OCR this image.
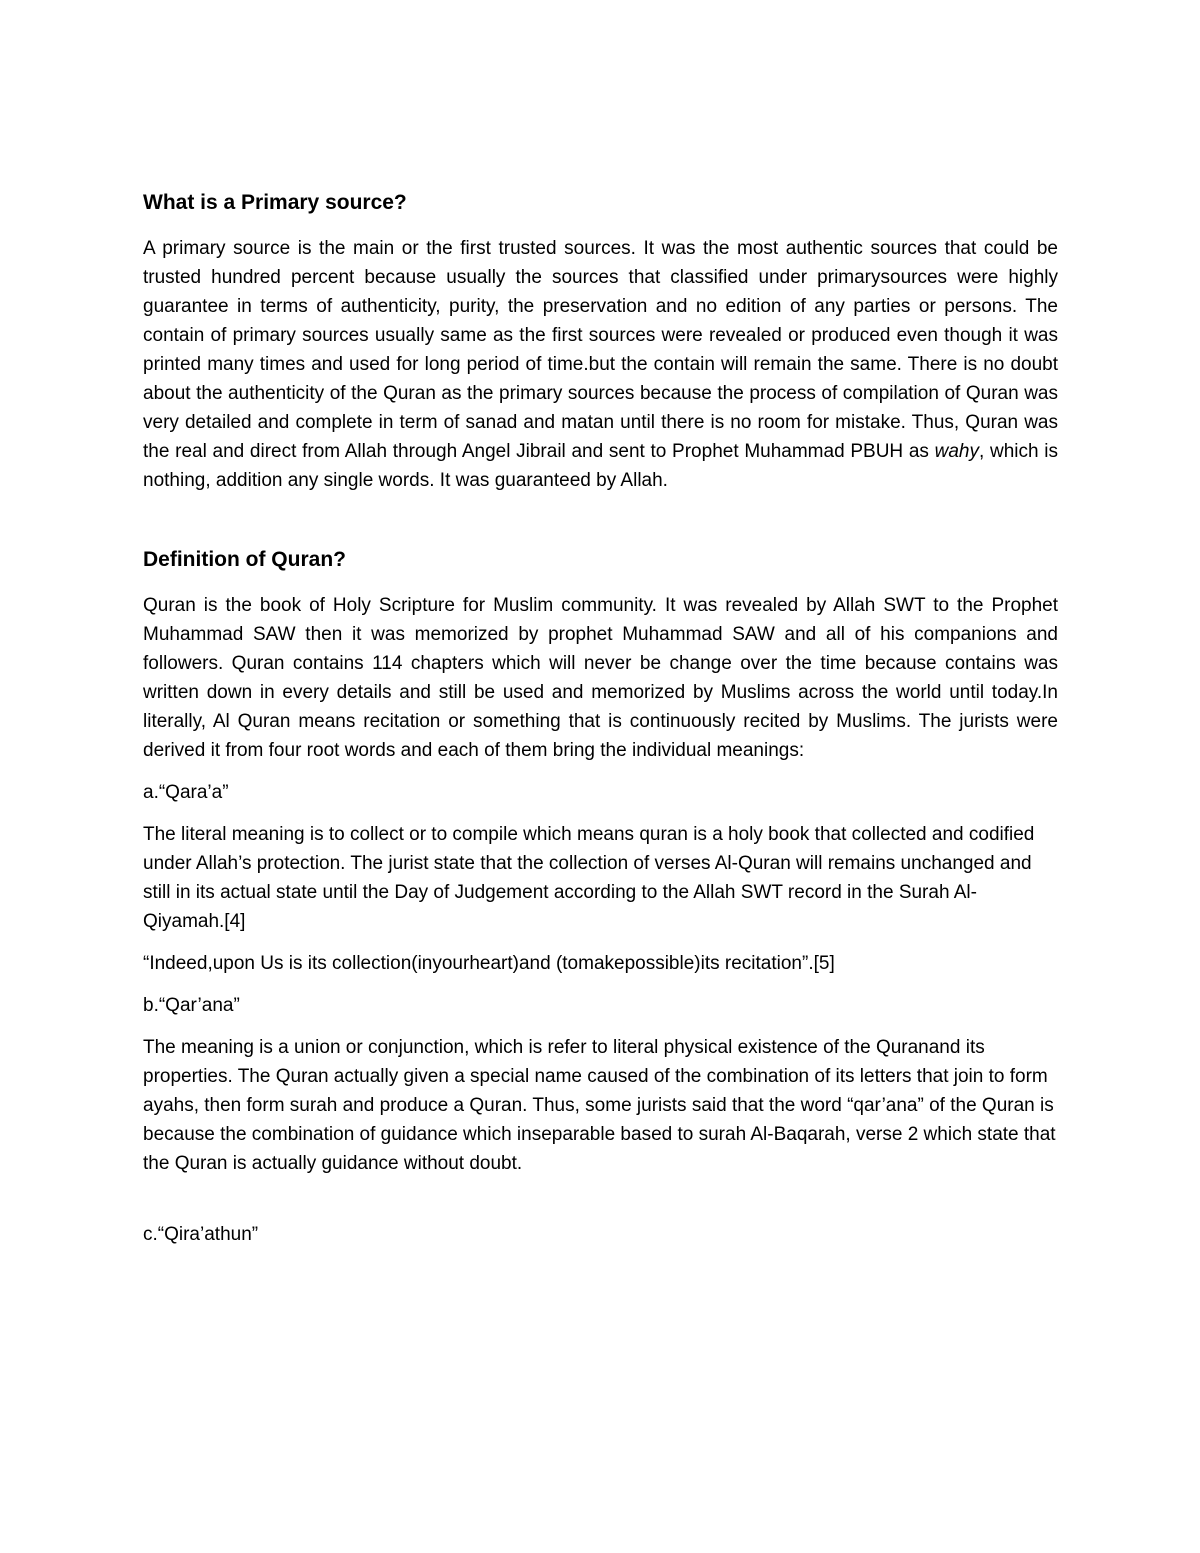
What is a Primary source?

A primary source is the main or the first trusted sources. It was the most authentic sources that could be trusted hundred percent because usually the sources that classified under primarysources were highly guarantee in terms of authenticity, purity, the preservation and no edition of any parties or persons. The contain of primary sources usually same as the first sources were revealed or produced even though it was printed many times and used for long period of time.but the contain will remain the same. There is no doubt about the authenticity of the Quran as the primary sources because the process of compilation of Quran was very detailed and complete in term of sanad and matan until there is no room for mistake. Thus, Quran was the real and direct from Allah through Angel Jibrail and sent to Prophet Muhammad PBUH as wahy, which is nothing, addition any single words. It was guaranteed by Allah.

Definition of Quran?

Quran is the book of Holy Scripture for Muslim community. It was revealed by Allah SWT to the Prophet Muhammad SAW then it was memorized by prophet Muhammad SAW and all of his companions and followers. Quran contains 114 chapters which will never be change over the time because contains was written down in every details and still be used and memorized by Muslims across the world until today.In literally, Al Quran means recitation or something that is continuously recited by Muslims. The jurists were derived it from four root words and each of them bring the individual meanings:

a.“Qara’a”

The literal meaning is to collect or to compile which means quran is a holy book that collected and codified under Allah’s protection. The jurist state that the collection of verses Al-Quran will remains unchanged and still in its actual state until the Day of Judgement according to the Allah SWT record in the Surah Al-Qiyamah.[4]

“Indeed,upon Us is its collection(inyourheart)and (tomakepossible)its recitation”.[5]

b.“Qar’ana”

The meaning is a union or conjunction, which is refer to literal physical existence of the Quranand its properties. The Quran actually given a special name caused of the combination of its letters that join to form ayahs, then form surah and produce a Quran. Thus, some jurists said that the word “qar’ana” of the Quran is because the combination of guidance which inseparable based to surah Al-Baqarah, verse 2 which state that the Quran is actually guidance without doubt.

c.“Qira’athun”
